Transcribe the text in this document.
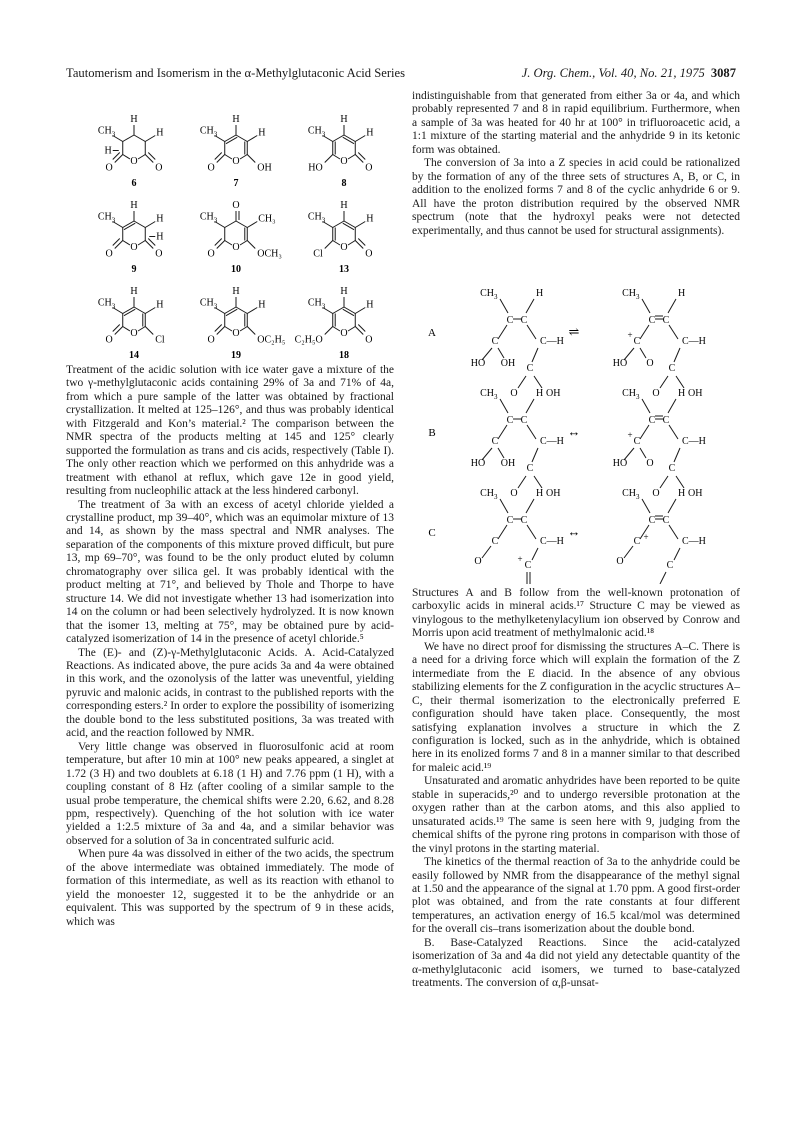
Tautomerism and Isomerism in the α-Methylglutaconic Acid Series	J. Org. Chem., Vol. 40, No. 21, 1975 3087
O
H
CH 3	H
H
O	O
6
O
H
CH 3	H
O	OH
7
O
H
CH 3	H
HO	O
8
O
H
CH 3	H
H
O	O
9
O
O
CH 3	CH₃
O	OCH₃
10
O
H
CH 3	H
Cl	O
13
O
H
CH 3	H
O	Cl
14
O
H
CH 3	H
O	OC₂H₅
19
O
H
CH 3	H
C₂H₅O	O
18

Treatment of the acidic solution with ice water gave a mixture of the two γ-methylglutaconic acids containing 29% of 3a and 71% of 4a, from which a pure sample of the latter was obtained by fractional crystallization. It melted at 125–126°, and thus was probably identical with Fitzgerald and Kon’s material.² The comparison between the NMR spectra of the products melting at 145 and 125° clearly supported the formulation as trans and cis acids, respectively (Table I). The only other reaction which we performed on this anhydride was a treatment with ethanol at reflux, which gave 12e in good yield, resulting from nucleophilic attack at the less hindered carbonyl.

The treatment of 3a with an excess of acetyl chloride yielded a crystalline product, mp 39–40°, which was an equimolar mixture of 13 and 14, as shown by the mass spectral and NMR analyses. The separation of the components of this mixture proved difficult, but pure 13, mp 69–70°, was found to be the only product eluted by column chromatography over silica gel. It was probably identical with the product melting at 71°, and believed by Thole and Thorpe to have structure 14. We did not investigate whether 13 had isomerization into 14 on the column or had been selectively hydrolyzed. It is now known that the isomer 13, melting at 75°, may be obtained pure by acid-catalyzed isomerization of 14 in the presence of acetyl chloride.⁵

The (E)- and (Z)-γ-Methylglutaconic Acids. A. Acid-Catalyzed Reactions. As indicated above, the pure acids 3a and 4a were obtained in this work, and the ozonolysis of the latter was uneventful, yielding pyruvic and malonic acids, in contrast to the published reports with the corresponding esters.² In order to explore the possibility of isomerizing the double bond to the less substituted positions, 3a was treated with acid, and the reaction followed by NMR.

Very little change was observed in fluorosulfonic acid at room temperature, but after 10 min at 100° new peaks appeared, a singlet at 1.72 (3 H) and two doublets at 6.18 (1 H) and 7.76 ppm (1 H), with a coupling constant of 8 Hz (after cooling of a similar sample to the usual probe temperature, the chemical shifts were 2.20, 6.62, and 8.28 ppm, respectively). Quenching of the hot solution with ice water yielded a 1:2.5 mixture of 3a and 4a, and a similar behavior was observed for a solution of 3a in concentrated sulfuric acid.

When pure 4a was dissolved in either of the two acids, the spectrum of the above intermediate was obtained immediately. The mode of formation of this intermediate, as well as its reaction with ethanol to yield the monoester 12, suggested it to be the anhydride or an equivalent. This was supported by the spectrum of 9 in these acids, which was

indistinguishable from that generated from either 3a or 4a, and which probably represented 7 and 8 in rapid equilibrium. Furthermore, when a sample of 3a was heated for 40 hr at 100° in trifluoroacetic acid, a 1:1 mixture of the starting material and the anhydride 9 in its ketonic form was obtained.

The conversion of 3a into a Z species in acid could be rationalized by the formation of any of the three sets of structures A, B, or C, in addition to the enolized forms 7 and 8 of the cyclic anhydride 6 or 9. All have the proton distribution required by the observed NMR spectrum (note that the hydroxyl peaks were not detected experimentally, and thus cannot be used for structural assignments).

CH 3	H
C C
C
HO OH
C—H
C
O	OH
CH 3	H
C C
C
+
HO O
C—H
C
O	OH
A	⇌
CH 3	H
C C
C
HO OH
C—H
C
O	OH
CH 3	H
C C
C
+
HO O
C—H
C
O	OH
B	↔
CH 3	H
C C
C
O
C—H
C
+
CH 3	H
C C
C
O
C—H
C
+
C	↔

Structures A and B follow from the well-known protonation of carboxylic acids in mineral acids.¹⁷ Structure C may be viewed as vinylogous to the methylketenylacylium ion observed by Conrow and Morris upon acid treatment of methylmalonic acid.¹⁸

We have no direct proof for dismissing the structures A–C. There is a need for a driving force which will explain the formation of the Z intermediate from the E diacid. In the absence of any obvious stabilizing elements for the Z configuration in the acyclic structures A–C, their thermal isomerization to the electronically preferred E configuration should have taken place. Consequently, the most satisfying explanation involves a structure in which the Z configuration is locked, such as in the anhydride, which is obtained here in its enolized forms 7 and 8 in a manner similar to that described for maleic acid.¹⁹

Unsaturated and aromatic anhydrides have been reported to be quite stable in superacids,²⁰ and to undergo reversible protonation at the oxygen rather than at the carbon atoms, and this also applied to unsaturated acids.¹⁹ The same is seen here with 9, judging from the chemical shifts of the pyrone ring protons in comparison with those of the vinyl protons in the starting material.

The kinetics of the thermal reaction of 3a to the anhydride could be easily followed by NMR from the disappearance of the methyl signal at 1.50 and the appearance of the signal at 1.70 ppm. A good first-order plot was obtained, and from the rate constants at four different temperatures, an activation energy of 16.5 kcal/mol was determined for the overall cis–trans isomerization about the double bond.

B. Base-Catalyzed Reactions. Since the acid-catalyzed isomerization of 3a and 4a did not yield any detectable quantity of the α-methylglutaconic acid isomers, we turned to base-catalyzed treatments. The conversion of α,β-unsat-
